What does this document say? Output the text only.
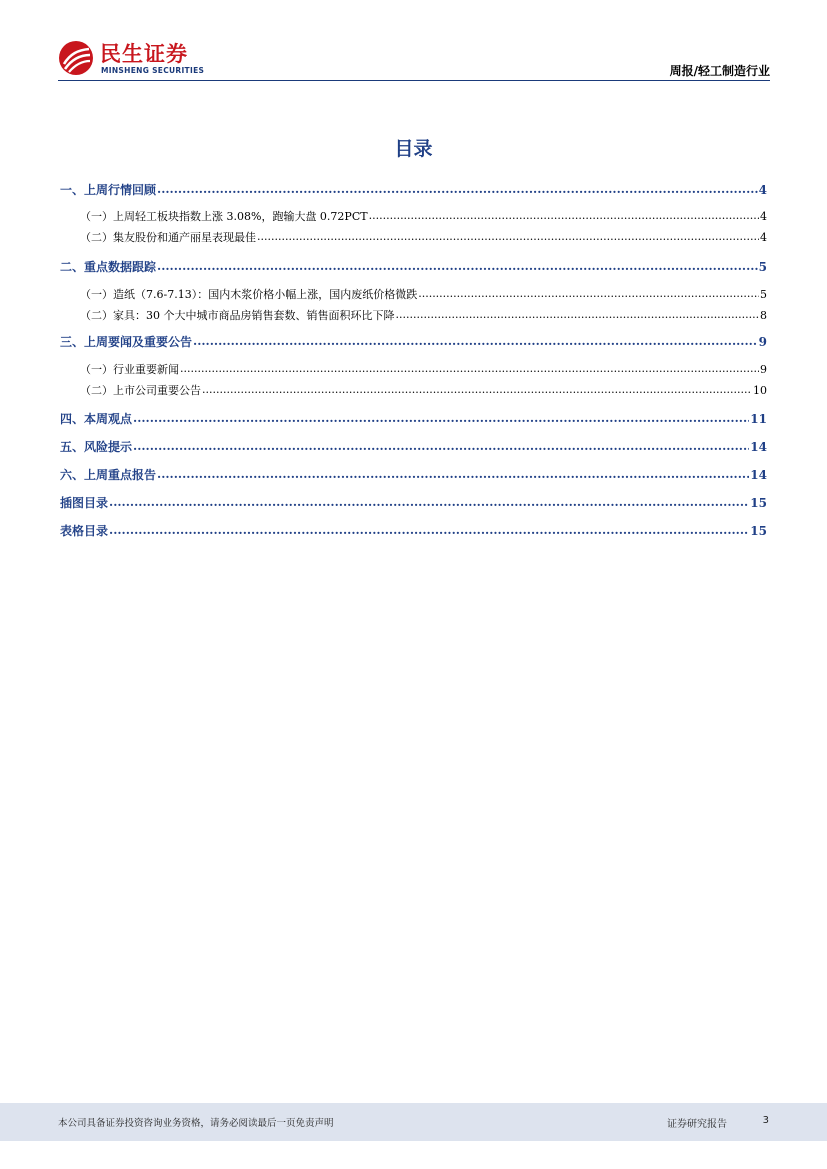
民生证券
MINSHENG SECURITIES	周报/轻工制造行业
目录
一、上周行情回顾 .....	4
（一）上周轻工板块指数上涨 3.08%，跑输大盘 0.72PCT .....	4
（二）集友股份和通产丽星表现最佳 .....	4
二、重点数据跟踪 .....	5
（一）造纸（7.6-7.13）：国内木浆价格小幅上涨，国内废纸价格微跌 .....	5
（二）家具：30 个大中城市商品房销售套数、销售面积环比下降 .....	8
三、上周要闻及重要公告 .....	9
（一）行业重要新闻 .....	9
（二）上市公司重要公告 .....	10
四、本周观点 .....	11
五、风险提示 .....	14
六、上周重点报告 .....	14
插图目录 .....	15
表格目录 .....	15
本公司具备证券投资咨询业务资格，请务必阅读最后一页免责声明	证券研究报告	3
